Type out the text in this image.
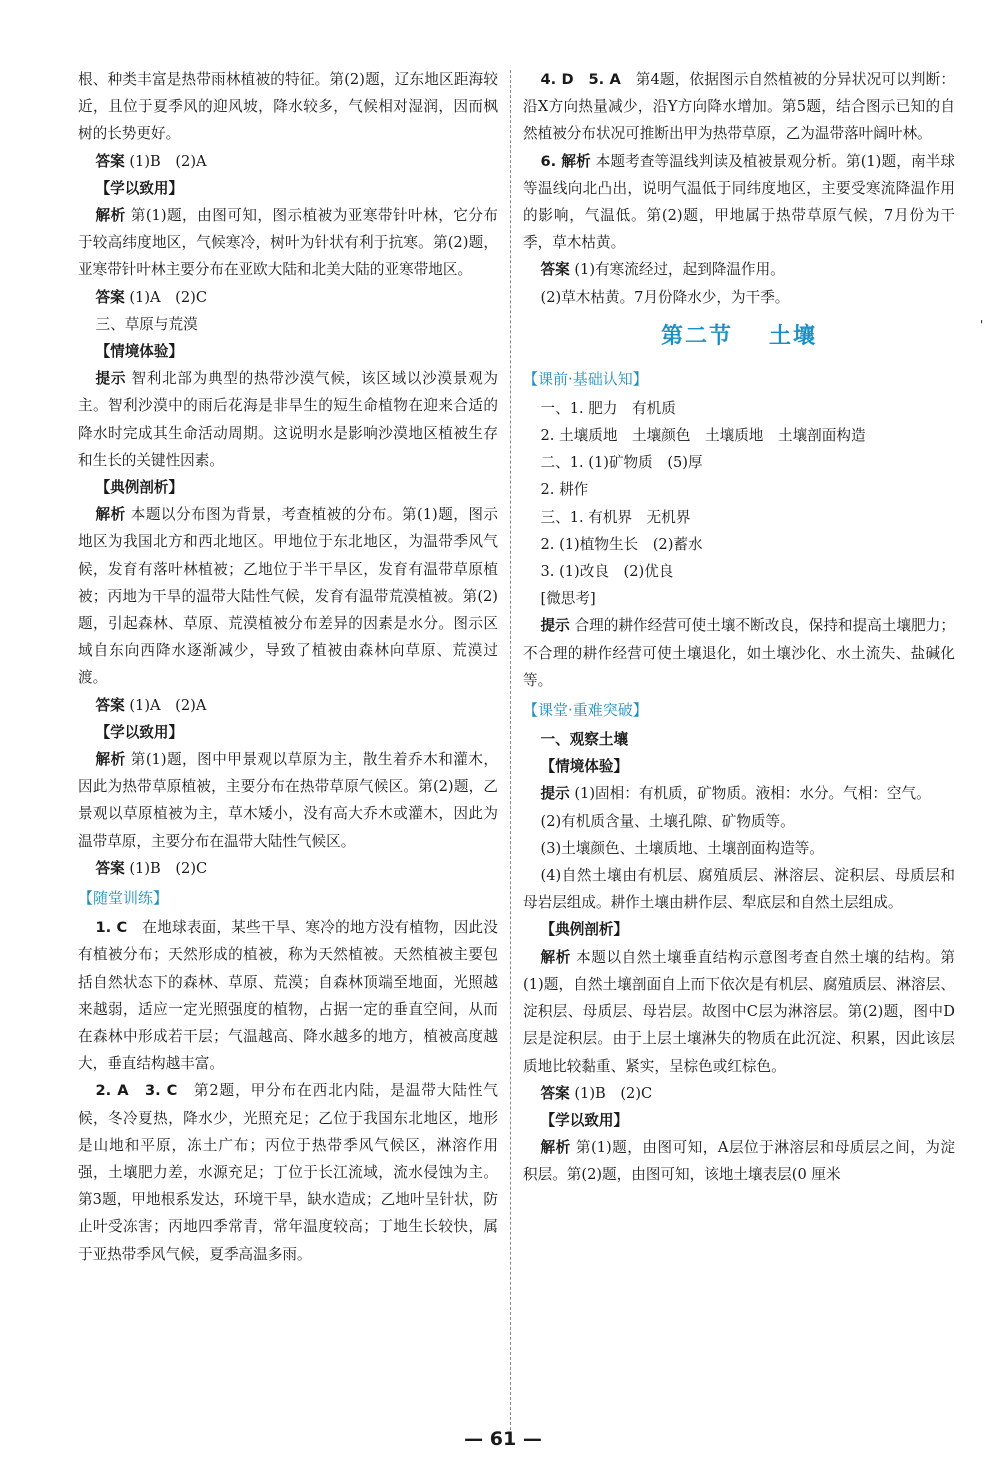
根、种类丰富是热带雨林植被的特征。第(2)题，辽东地区距海较近，且位于夏季风的迎风坡，降水较多，气候相对湿润，因而枫树的长势更好。

答案 (1)B　(2)A

【学以致用】

解析 第(1)题，由图可知，图示植被为亚寒带针叶林，它分布于较高纬度地区，气候寒冷，树叶为针状有利于抗寒。第(2)题，亚寒带针叶林主要分布在亚欧大陆和北美大陆的亚寒带地区。

答案 (1)A　(2)C

三、草原与荒漠

【情境体验】

提示 智利北部为典型的热带沙漠气候，该区域以沙漠景观为主。智利沙漠中的雨后花海是非旱生的短生命植物在迎来合适的降水时完成其生命活动周期。这说明水是影响沙漠地区植被生存和生长的关键性因素。

【典例剖析】

解析 本题以分布图为背景，考查植被的分布。第(1)题，图示地区为我国北方和西北地区。甲地位于东北地区，为温带季风气候，发育有落叶林植被；乙地位于半干旱区，发育有温带草原植被；丙地为干旱的温带大陆性气候，发育有温带荒漠植被。第(2)题，引起森林、草原、荒漠植被分布差异的因素是水分。图示区域自东向西降水逐渐减少，导致了植被由森林向草原、荒漠过渡。

答案 (1)A　(2)A

【学以致用】

解析 第(1)题，图中甲景观以草原为主，散生着乔木和灌木，因此为热带草原植被，主要分布在热带草原气候区。第(2)题，乙景观以草原植被为主，草木矮小，没有高大乔木或灌木，因此为温带草原，主要分布在温带大陆性气候区。

答案 (1)B　(2)C

【随堂训练】

1. C　 在地球表面，某些干旱、寒冷的地方没有植物，因此没有植被分布；天然形成的植被，称为天然植被。天然植被主要包括自然状态下的森林、草原、荒漠；自森林顶端至地面，光照越来越弱，适应一定光照强度的植物，占据一定的垂直空间，从而在森林中形成若干层；气温越高、降水越多的地方，植被高度越大，垂直结构越丰富。

2. A　3. C　 第2题，甲分布在西北内陆，是温带大陆性气候，冬冷夏热，降水少，光照充足；乙位于我国东北地区，地形是山地和平原，冻土广布；丙位于热带季风气候区，淋溶作用强，土壤肥力差，水源充足；丁位于长江流域，流水侵蚀为主。第3题，甲地根系发达，环境干旱，缺水造成；乙地叶呈针状，防止叶受冻害；丙地四季常青，常年温度较高；丁地生长较快，属于亚热带季风气候，夏季高温多雨。

4. D　5. A　 第4题，依据图示自然植被的分异状况可以判断：沿X方向热量减少，沿Y方向降水增加。第5题，结合图示已知的自然植被分布状况可推断出甲为热带草原，乙为温带落叶阔叶林。

6. 解析 本题考查等温线判读及植被景观分析。第(1)题，南半球等温线向北凸出，说明气温低于同纬度地区，主要受寒流降温作用的影响，气温低。第(2)题，甲地属于热带草原气候，7月份为干季，草木枯黄。

答案 (1)有寒流经过，起到降温作用。

(2)草木枯黄。7月份降水少，为干季。

第二节 土壤

【课前·基础认知】

一、1. 肥力　有机质

2. 土壤质地　土壤颜色　土壤质地　土壤剖面构造

二、1. (1)矿物质　(5)厚

2. 耕作

三、1. 有机界　无机界

2. (1)植物生长　(2)蓄水

3. (1)改良　(2)优良

[微思考]

提示 合理的耕作经营可使土壤不断改良，保持和提高土壤肥力；不合理的耕作经营可使土壤退化，如土壤沙化、水土流失、盐碱化等。

【课堂·重难突破】

一、观察土壤

【情境体验】

提示 (1)固相：有机质，矿物质。液相：水分。气相：空气。

(2)有机质含量、土壤孔隙、矿物质等。

(3)土壤颜色、土壤质地、土壤剖面构造等。

(4)自然土壤由有机层、腐殖质层、淋溶层、淀积层、母质层和母岩层组成。耕作土壤由耕作层、犁底层和自然土层组成。

【典例剖析】

解析 本题以自然土壤垂直结构示意图考查自然土壤的结构。第(1)题，自然土壤剖面自上而下依次是有机层、腐殖质层、淋溶层、淀积层、母质层、母岩层。故图中C层为淋溶层。第(2)题，图中D层是淀积层。由于上层土壤淋失的物质在此沉淀、积累，因此该层质地比较黏重、紧实，呈棕色或红棕色。

答案 (1)B　(2)C

【学以致用】

解析 第(1)题，由图可知，A层位于淋溶层和母质层之间，为淀积层。第(2)题，由图可知，该地土壤表层(0 厘米

'
— 61 —
